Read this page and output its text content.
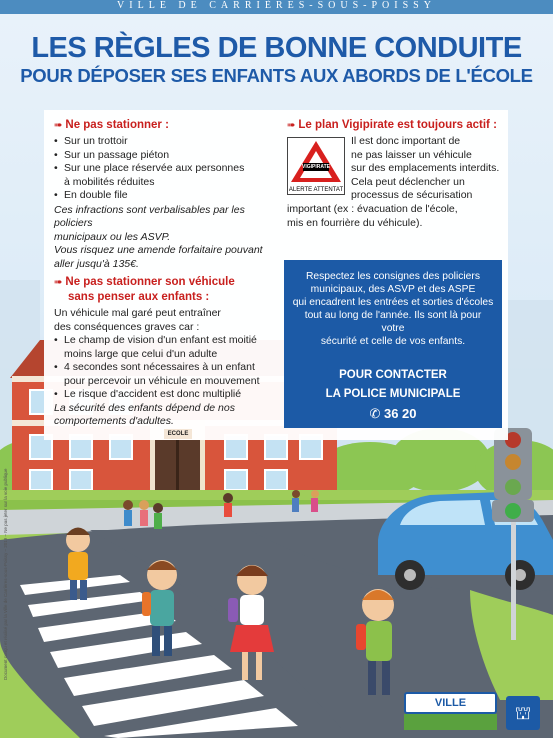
VILLE DE CARRIÈRES-SOUS-POISSY
LES RÈGLES DE BONNE CONDUITE
POUR DÉPOSER SES ENFANTS AUX ABORDS DE L'ÉCOLE
➠ Ne pas stationner :
• Sur un trottoir
• Sur un passage piéton
• Sur une place réservée aux personnes
à mobilités réduites
• En double file
Ces infractions sont verbalisables par les policiers
municipaux ou les ASVP.
Vous risquez une amende forfaitaire pouvant
aller jusqu'à 135€.
➠ Ne pas stationner son véhicule
sans penser aux enfants :
Un véhicule mal garé peut entraîner
des conséquences graves car :
• Le champ de vision d'un enfant est moitié
moins large que celui d'un adulte
• 4 secondes sont nécessaires à un enfant
pour percevoir un véhicule en mouvement
• Le risque d'accident est donc multiplié
La sécurité des enfants dépend de nos
comportements d'adultes.
➠ Le plan Vigipirate est toujours actif :
VIGIPIRATE
ALERTE ATTENTAT
Il est donc important de
ne pas laisser un véhicule
sur des emplacements interdits.
Cela peut déclencher un
processus de sécurisation
important (ex : évacuation de l'école,
mis en fourrière du véhicule).
Respectez les consignes des policiers
municipaux, des ASVP et des ASPE
qui encadrent les entrées et sorties d'écoles
tout au long de l'année. Ils sont là pour votre
sécurité et celle de vos enfants.
POUR CONTACTER
LA POLICE MUNICIPALE
✆ 36 20
ECOLE
Document conçu et réalisé par la Ville de Carrières-sous-Poissy – 2019 – Ne pas jeter sur la voie publique
VILLE	⛫
